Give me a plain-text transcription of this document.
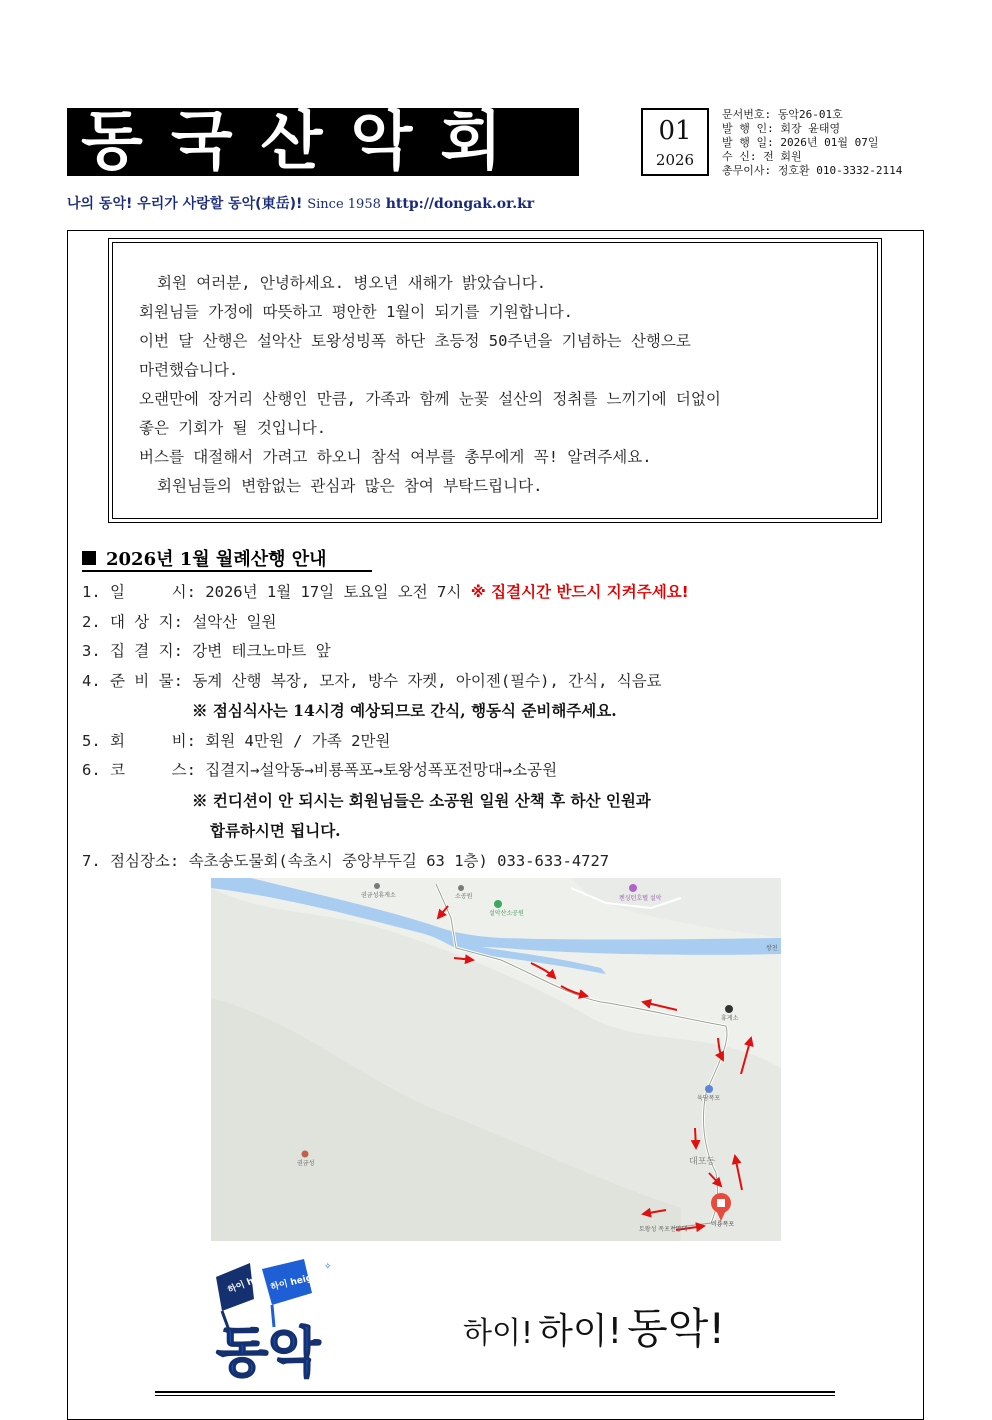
동국산악회	01
2026
문서번호: 동악26-01호
발 행 인: 회장 윤태영
발 행 일: 2026년 01월 07일
수 신: 전 회원
총무이사: 정호환 010-3332-2114
나의 동악! 우리가 사랑할 동악(東岳)! Since 1958 http://dongak.or.kr

회원 여러분, 안녕하세요. 병오년 새해가 밝았습니다.

회원님들 가정에 따뜻하고 평안한 1월이 되기를 기원합니다.

이번 달 산행은 설악산 토왕성빙폭 하단 초등정 50주년을 기념하는 산행으로

마련했습니다.

오랜만에 장거리 산행인 만큼, 가족과 함께 눈꽃 설산의 정취를 느끼기에 더없이

좋은 기회가 될 것입니다.

버스를 대절해서 가려고 하오니 참석 여부를 총무에게 꼭! 알려주세요.

회원님들의 변함없는 관심과 많은 참여 부탁드립니다.

2026년 1월 월례산행 안내
1. 일     시: 2026년 1월 17일 토요일 오전 7시 ※ 집결시간 반드시 지켜주세요!
2. 대 상 지: 설악산 일원
3. 집 결 지: 강변 테크노마트 앞
4. 준 비 물: 동계 산행 복장, 모자, 방수 자켓, 아이젠(필수), 간식, 식음료
※ 점심식사는 14시경 예상되므로 간식, 행동식 준비해주세요.
5. 회     비: 회원 4만원 / 가족 2만원
6. 코     스: 집결지→설악동→비룡폭포→토왕성폭포전망대→소공원
※ 컨디션이 안 되시는 회원님들은 소공원 일원 산책 후 하산 인원과
합류하시면 됩니다.
7. 점심장소: 속초송도물회(속초시 중앙부두길 63 1층) 033-633-4727
권금성휴게소	소공원
설악산소공원
켄싱턴호텔 설악
쌍천
휴게소
육담폭포
권금성
비룡폭포
토왕성 폭포전망대
대포동
하이 hi 하이 height
✧
동악	하이! 하이! 동악!
